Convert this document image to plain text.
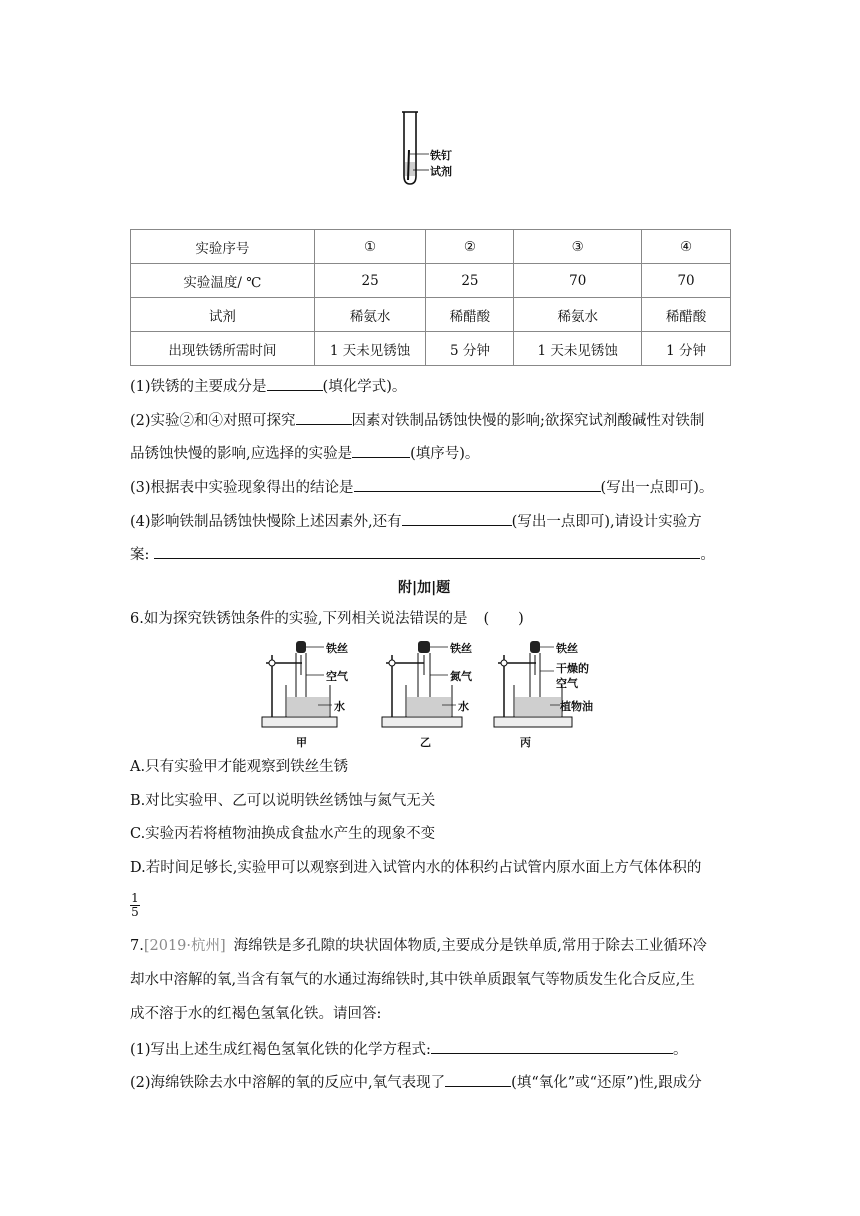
铁钉
试剂
实验序号	①	②	③	④
实验温度/ ℃	25	25	70	70
试剂	稀氨水	稀醋酸	稀氨水	稀醋酸
出现铁锈所需时间	1 天未见锈蚀	5 分钟	1 天未见锈蚀	1 分钟
(1)铁锈的主要成分是	(填化学式)。
(2)实验②和④对照可探究	因素对铁制品锈蚀快慢的影响;欲探究试剂酸碱性对铁制
品锈蚀快慢的影响,应选择的实验是	(填序号)。
(3)根据表中实验现象得出的结论是	(写出一点即可)。
(4)影响铁制品锈蚀快慢除上述因素外,还有	(写出一点即可),请设计实验方
案:	。
附|加|题
6.如为探究铁锈蚀条件的实验,下列相关说法错误的是 (　　)
铁丝
空气
水
甲
铁丝
氮气
水
乙
铁丝
干燥的
空气
植物油
丙
A.只有实验甲才能观察到铁丝生锈
B.对比实验甲、乙可以说明铁丝锈蚀与氮气无关
C.实验丙若将植物油换成食盐水产生的现象不变
D.若时间足够长,实验甲可以观察到进入试管内水的体积约占试管内原水面上方气体体积的
$\frac{1}{5}$
7.[2019·杭州] 海绵铁是多孔隙的块状固体物质,主要成分是铁单质,常用于除去工业循环冷
却水中溶解的氧,当含有氧气的水通过海绵铁时,其中铁单质跟氧气等物质发生化合反应,生
成不溶于水的红褐色氢氧化铁。请回答:
(1)写出上述生成红褐色氢氧化铁的化学方程式:	。
(2)海绵铁除去水中溶解的氧的反应中,氧气表现了	(填“氧化”或“还原”)性,跟成分
